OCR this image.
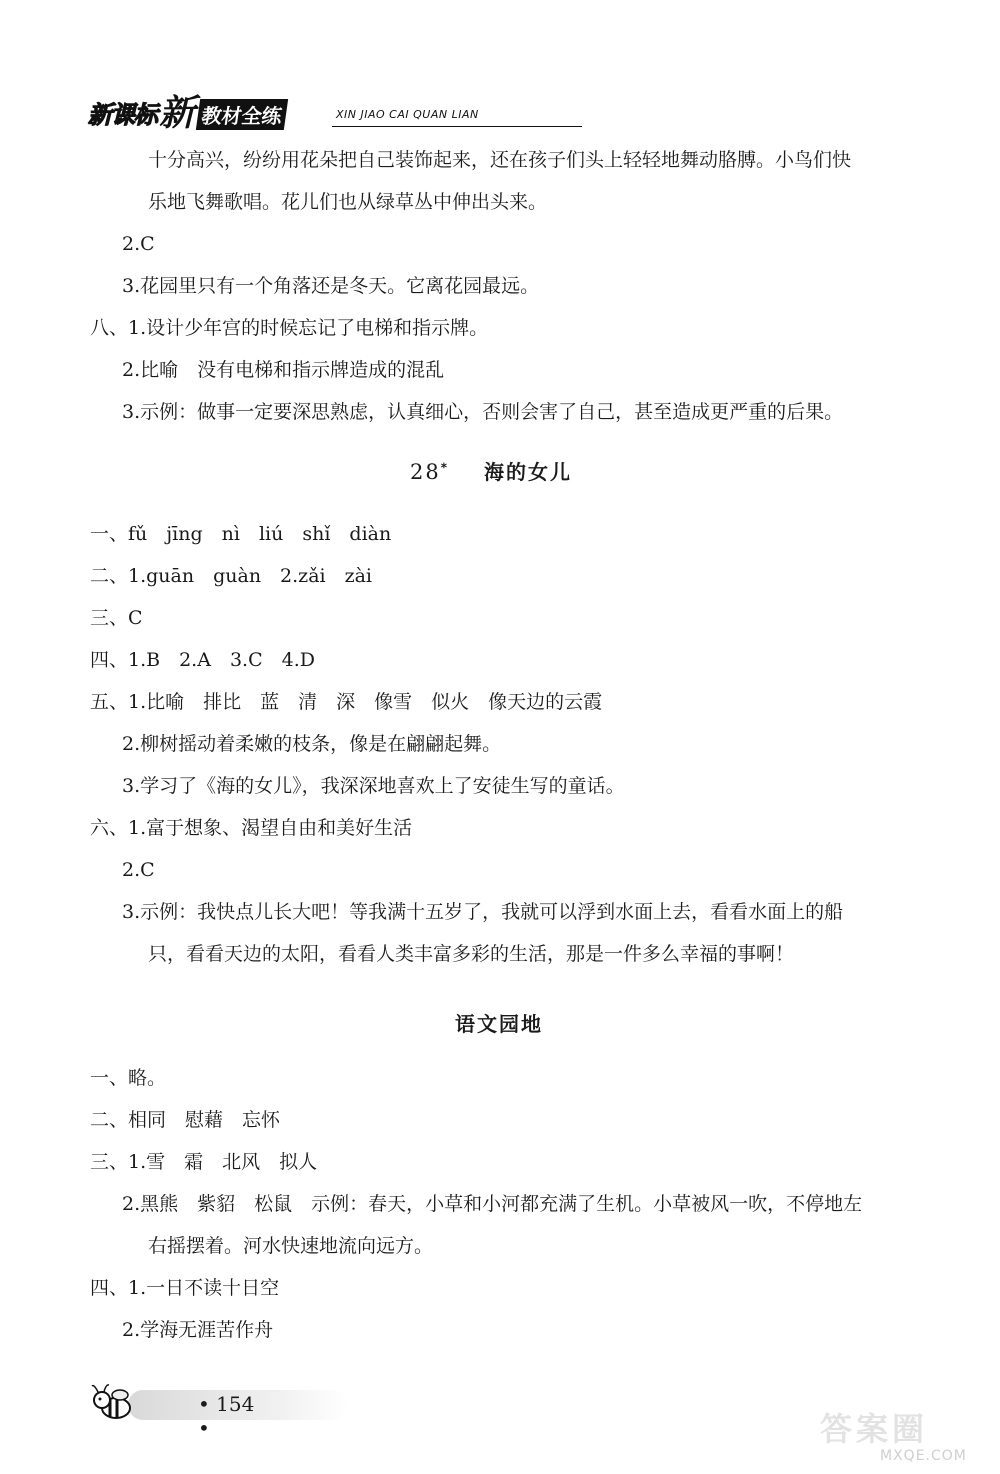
新 课 标 新 教材全练	XIN JIAO CAI QUAN LIAN
十分高兴，纷纷用花朵把自己装饰起来，还在孩子们头上轻轻地舞动胳膊。小鸟们快
乐地飞舞歌唱。花儿们也从绿草丛中伸出头来。
2.C
3.花园里只有一个角落还是冬天。它离花园最远。
八、1.设计少年宫的时候忘记了电梯和指示牌。
2.比喻　没有电梯和指示牌造成的混乱
3.示例：做事一定要深思熟虑，认真细心，否则会害了自己，甚至造成更严重的后果。
28* 海的女儿
一、fǔ　jīng　nì　liú　shǐ　diàn
二、1.guān　guàn　2.zǎi　zài
三、C
四、1.B　2.A　3.C　4.D
五、1.比喻　排比　蓝　清　深　像雪　似火　像天边的云霞
2.柳树摇动着柔嫩的枝条，像是在翩翩起舞。
3.学习了《海的女儿》，我深深地喜欢上了安徒生写的童话。
六、1.富于想象、渴望自由和美好生活
2.C
3.示例：我快点儿长大吧！等我满十五岁了，我就可以浮到水面上去，看看水面上的船
只，看看天边的太阳，看看人类丰富多彩的生活，那是一件多么幸福的事啊！
语文园地
一、略。
二、相同　慰藉　忘怀
三、1.雪　霜　北风　拟人
2.黑熊　紫貂　松鼠　示例：春天，小草和小河都充满了生机。小草被风一吹，不停地左
右摇摆着。河水快速地流向远方。
四、1.一日不读十日空
2.学海无涯苦作舟
• 154 •	答案圈
MXQE.COM
